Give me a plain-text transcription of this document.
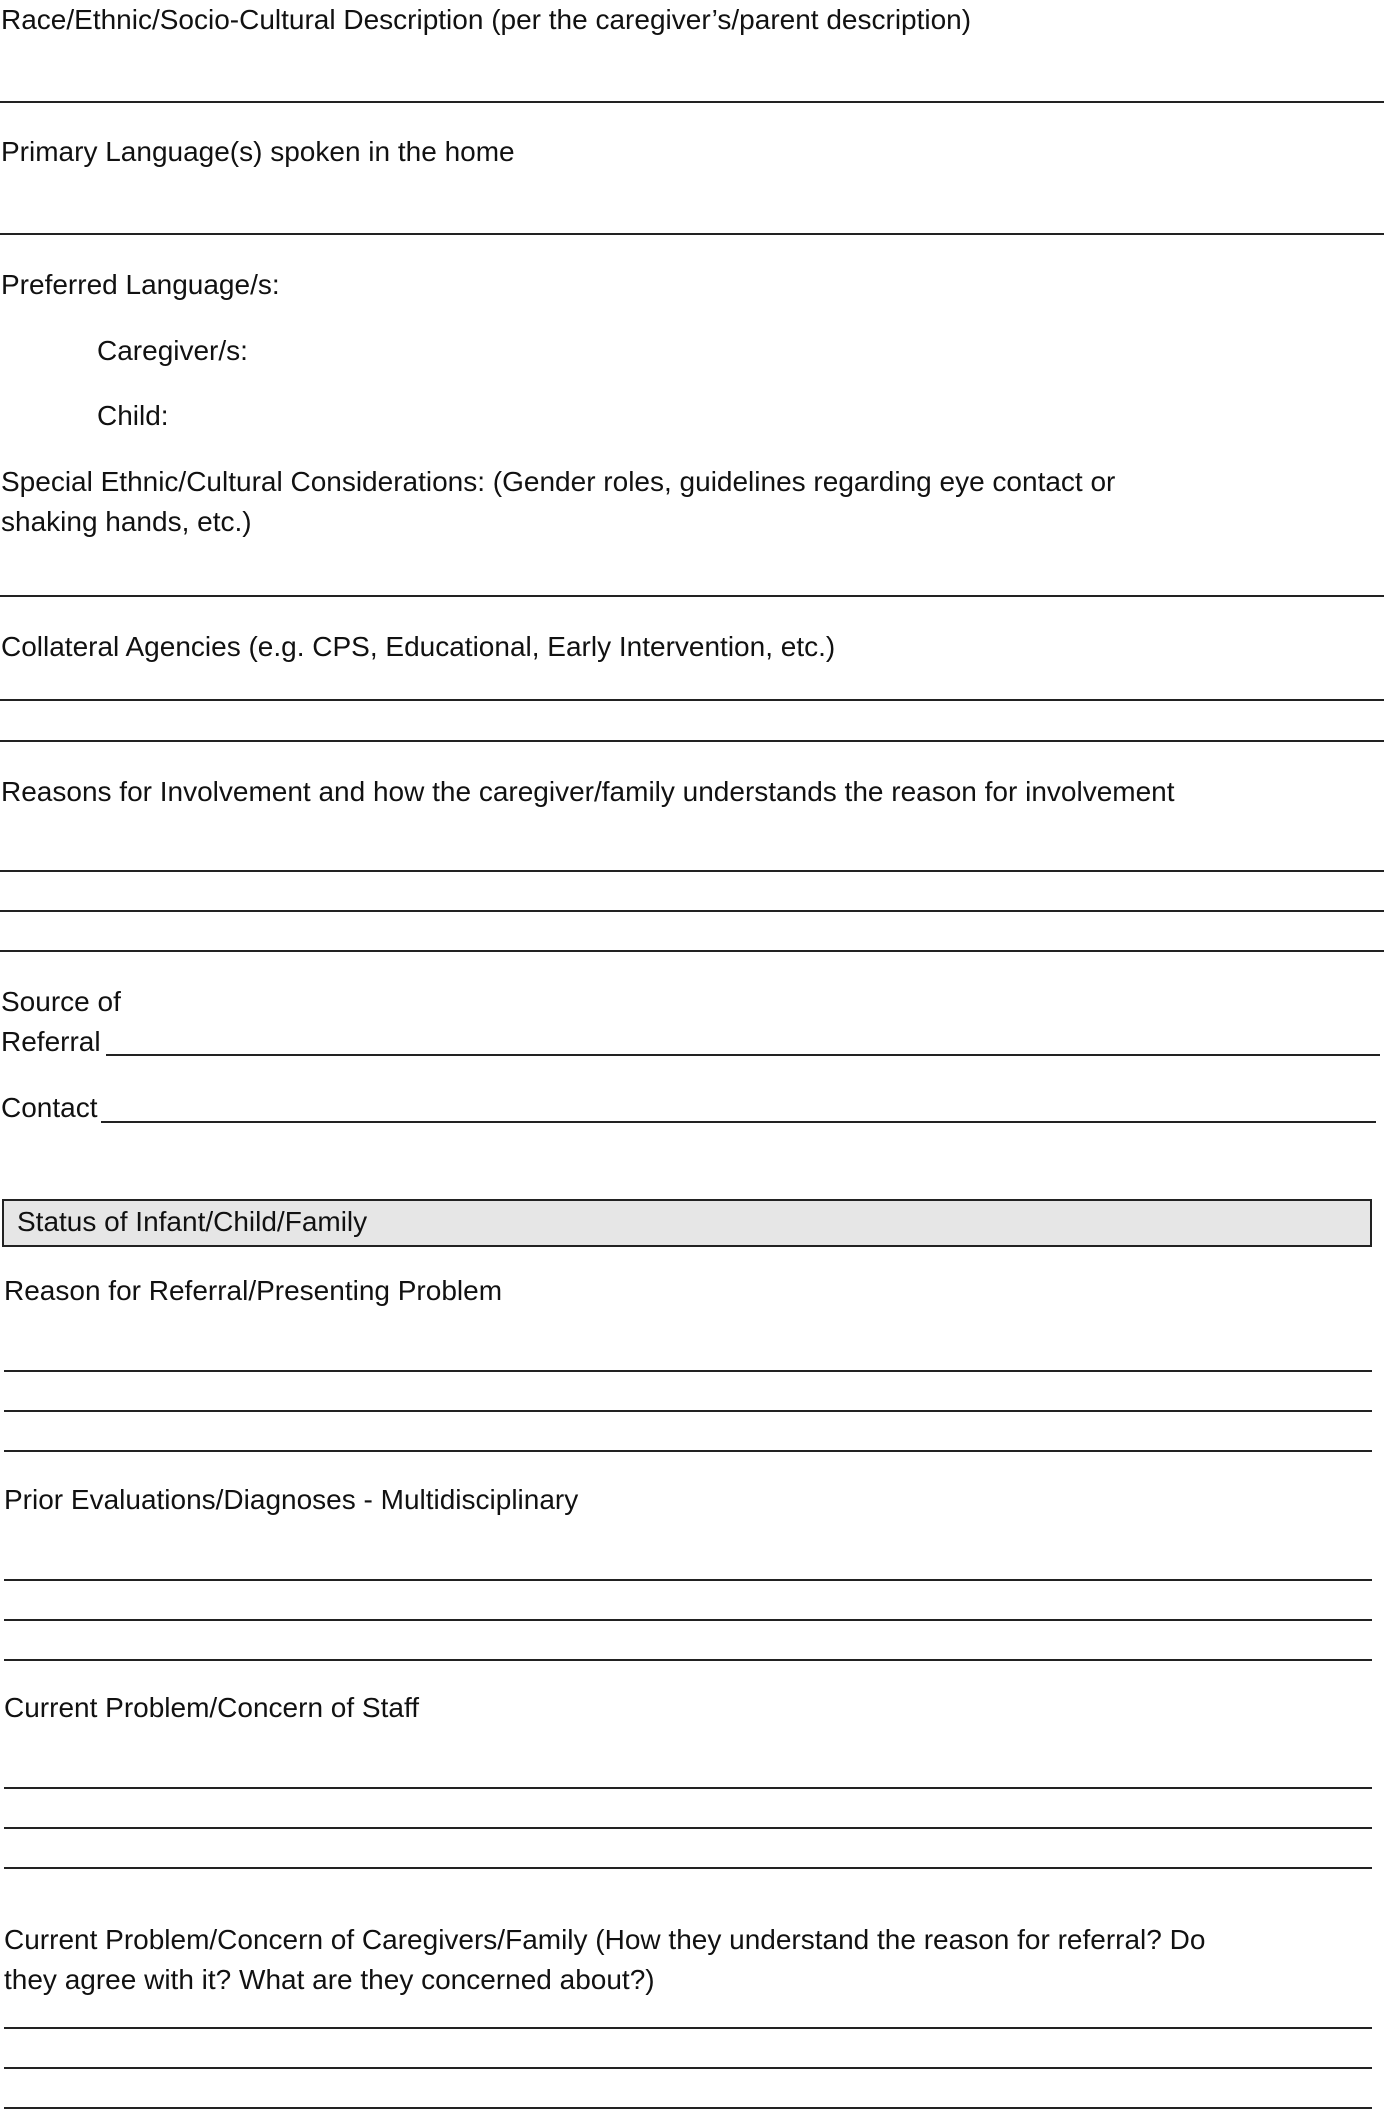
Race/Ethnic/Socio-Cultural Description (per the caregiver’s/parent description)
Primary Language(s) spoken in the home
Preferred Language/s:
Caregiver/s:
Child:
Special Ethnic/Cultural Considerations: (Gender roles, guidelines regarding eye contact or shaking hands, etc.)
Collateral Agencies (e.g. CPS, Educational, Early Intervention, etc.)
Reasons for Involvement and how the caregiver/family understands the reason for involvement
Source of
Referral
Contact
Status of Infant/Child/Family
Reason for Referral/Presenting Problem
Prior Evaluations/Diagnoses - Multidisciplinary
Current Problem/Concern of Staff
Current Problem/Concern of Caregivers/Family (How they understand the reason for referral? Do they agree with it? What are they concerned about?)
